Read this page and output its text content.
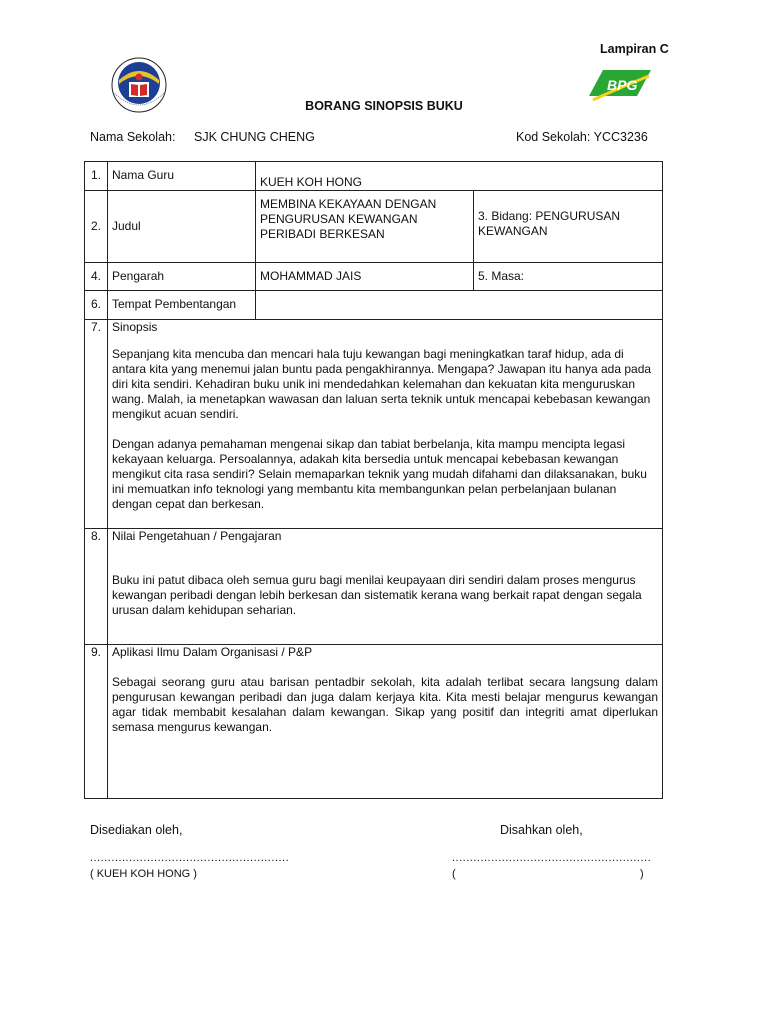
Lampiran C
BPG
BORANG SINOPSIS BUKU
Nama Sekolah: SJK CHUNG CHENG	Kod Sekolah: YCC3236
1.	Nama Guru	KUEH KOH HONG	
2.	Judul	MEMBINA KEKAYAAN DENGAN PENGURUSAN KEWANGAN PERIBADI BERKESAN	3. Bidang: PENGURUSAN KEWANGAN
4.	Pengarah	MOHAMMAD JAIS	5. Masa:
6.	Tempat Pembentangan		
7.	Sinopsis

Sepanjang kita mencuba dan mencari hala tuju kewangan bagi meningkatkan taraf hidup, ada di antara kita yang menemui jalan buntu pada pengakhirannya. Mengapa? Jawapan itu hanya ada pada diri kita sendiri. Kehadiran buku unik ini mendedahkan kelemahan dan kekuatan kita menguruskan wang. Malah, ia menetapkan wawasan dan laluan serta teknik untuk mencapai kebebasan kewangan mengikut acuan sendiri.

Dengan adanya pemahaman mengenai sikap dan tabiat berbelanja, kita mampu mencipta legasi kekayaan keluarga. Persoalannya, adakah kita bersedia untuk mencapai kebebasan kewangan mengikut cita rasa sendiri? Selain memaparkan teknik yang mudah difahami dan dilaksanakan, buku ini memuatkan info teknologi yang membantu kita membangunkan pelan perbelanjaan bulanan dengan cepat dan berkesan.		

8.	Nilai Pengetahuan / Pengajaran

Buku ini patut dibaca oleh semua guru bagi menilai keupayaan diri sendiri dalam proses mengurus kewangan peribadi dengan lebih berkesan dan sistematik kerana wang berkait rapat dengan segala urusan dalam kehidupan seharian.		

9.	Aplikasi Ilmu Dalam Organisasi / P&P

Sebagai seorang guru atau barisan pentadbir sekolah, kita adalah terlibat secara langsung dalam pengurusan kewangan peribadi dan juga dalam kerjaya kita. Kita mesti belajar mengurus kewangan agar tidak membabit kesalahan dalam kewangan. Sikap yang positif dan integriti amat diperlukan semasa mengurus kewangan.		

Disediakan oleh,	Disahkan oleh,
........................................................	........................................................
( KUEH KOH HONG )	(	)
